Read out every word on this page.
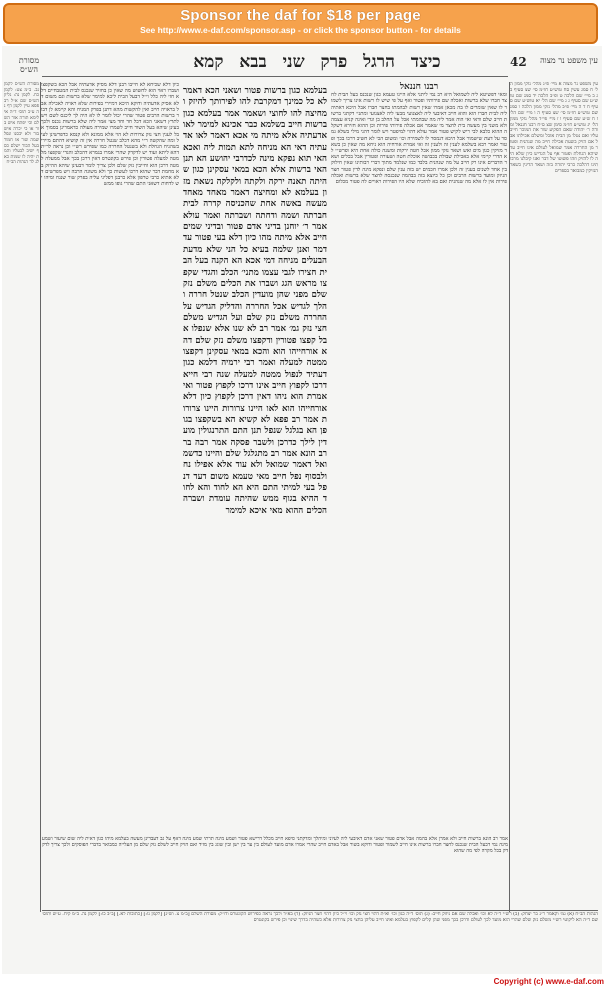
Sponsor the daf for $18 per page
See http://www.e-daf.com/sponsor.asp - or click the sponsor button - for details
מסורת הש״ס	כיצד הרגל פרק שני בבא קמא	42 עין משפט נר מצוה
עין משפט נר מצוה א מיי׳ פ״ג מהל׳ נזקי ממון הל׳ ח סמג עשין סח טוש״ע חו״מ סי׳ שצ סעיף ב ג ב מיי׳ שם הלכה ט ופ״ב הלכה יד סמג שם טוש״ע שם סעיף ג ג מיי׳ שם הל׳ יא טוש״ע שם סעיף ח ד ה מיי׳ פ״ב מהל׳ נזקי ממון הלכה ו סמג שם טוש״ע חו״מ סי׳ שצ סעיף ה ו מיי׳ שם הל׳ ז ח ש״ע שם סעיף ו ז מיי׳ פי״ד מהל׳ נזקי ממון הל׳ יג טוש״ע חו״מ סימן שצ ס״ח רבנו חננאל ומודה ר׳ יהודה שאם הפקיע שור את המוכר חייב עליו ואם נטלו מן הבית אוכל ומשלם אכילתו אבל אם הזיק בשעת אכילה חייב מה שנהנית ופטור מן החררה אמר שמואל לעולם אינו חייב עד שיהא הגחלת ופטור אף על הגדיש כיון שלא היה לו להזיק וזהו פשוטו של דבר ואנו קיבלנו מרבותינו דהלכה כרבי יהודה בזה ושאר הדינין כשאר הנזיקין כמבואר בספרים
רבנו חננאל
ומאי דפשיטא ליה לשמואל היא רב נמי ליתני אלא היינו טעמא כגון שנכנס בעל הבית לחצר חברו שלא ברשות ואכלה שם פירותיו ופטור ואף על פי שיש לו רשות אינו צריך לשמור לו שאין שומרים לו בה מכאן אמרו שאין רשות לבהמתו בחצר חברו אבל היכא דאתיה ליה לבית חברו הוא והוא חייב דאיבעי ליה לאצנועי מבעי ליה לאצנועי ומתני׳ דקתני ברשות חייב שלם ודאי ואי הוה אמר ליה מה שבהמתי אכל על החלב בן וגדי ואינה קניא עצמה ולא משני בין מעשה בית לחצר מי שאמר אם אכלה פירותי פירות וכן ההוא חזירא דשקלה ההוא כלבא לבי ריש לקיש פטור אמר עולא דהוי למיפטר ויש לומר דהני מילי בשלא נמסר על דעת שישמור אבל היכא דנמסר לו לשמירה וכו׳ ומשום הכי לא חשיב דרכו בכך ופטור ואמר רבא בשלמא לענין זה ולענין זה ואי אמרת אורחיה הוא ניחא מה שאין כן בשאר מזיקין כגון מים ואש ושאר נזקי ממון אכל חטה ירקות ומשנה כולה אחת היא ופרש״י לא הדרי קיימי אלא באכילת שבולת בכבושה אוכלת חטה ושעורה ופטורין אבל בכלים ושאר הדברים אינו רק חייב על מה שנהנית בלבד כמו שנלמד מתוך דברי רבותינו שאין חילוק בין אחד לשנים בענין זה ולכן אמרו חכמים יש בזה ענין שלם ונפקא מינה לדין פטור חצר הניזק ומועד ברשות הרבים וכן כל כיוצא בזה בבהמה שנכנסה לחצר שלא ברשות ואכלה פירות אין לו אלא מה שנהנית ואם בא להוכיח שלא היו הפירות ראויים לה פטור מכלום
בעלמא כגון ברשות פטור ושאני הכא דאמר לא כל כמינך דמקרבת להו לפירותך להיזק ומחיצה להו לחוצי ושאמר אמר בעלמא כגון ברשות חייב בשלמא כבר אכינא למימר לאו אדעתיה אלא מיתה מי אכא דאמר לאו אדעתיה דאי הא מניחה לתא תמות ליה ואכא האי תוא נפקא מינה לכדרבי יהושע הא תנן האי ברשות אלא הכא במאי עסקינן כגון שהיתה תאנה ירקה ולקתה ולקלקה נשאת מזון בעלמא לא ומחיצה דאמר מאחד מאחד מעשה באשה אחת שהכניסה קדרה לבית חברתה ושמה ודחתה ושברתה ואמר עולא אמר ר׳ יוחנן בדיני אדם פטור ובדיני שמים חייב אלא מיתה מהו כיון דלא בעי פטור עד דמר ואנן שלמה בעיא כל הני שלא מדעת הבעלים מניחה דמי אכא הא הקנה בעל הבית חצירו לגבי עצמו מתני׳ הכלב והגדי שקפצו מראש הגג ושברו את הכלים משלם נזק שלם מפני שהן מועדין הכלב שנטל חררה והלך לגדיש אכל החררה והדליק הגדיש על החררה משלם נזק שלם ועל הגדיש משלם חצי נזק גמ׳ אמר רב לא שנו אלא שנפלו אבל קפצו פטורין ודקפצו משלם נזק שלם דהא אורחייהו הוא והכא במאי עסקינן דקפצו ממטה למעלה ואמר רבי ירמיה דלמא כגון דעתיד לנפול ממטה למעלה שנה רבי חייא דרכו לקפוץ חייב אינו דרכו לקפוץ פטור ואי אמרת הוא ניהו דאין דרכן לקפוץ כיון דלא אורחייהו הוא לאו היינו צרורות היינו צרורות אמר רב פפא לא קשיא הא בשקפצו בגופן הא בגלגל שנפל תנן התם התרנגולין מועדין לילך כדרכן ולשבר פסקה אמר רבה בר רב הונא אמר רב מתגלגל שלם והיינו כדשמואל דאמר שמואל ולא עוד אלא אפילו נח ולבסוף נפל חייב מאי טעמא משום דעד דנפל בעי למיתי התם היא הא לחוד והא לחוד ההיא בגוף ממש שהיתה עומדת ושברה הכלים ההוא מאי איכא למימר
כיון דלא שכיחא לא חייבו רבנן דלא מסיק אדעתיה אבל הכא בשקפצו ושברו ראוי הוא לחשוש מה שאין כן בחזיר שנכנס לבית המטבחיים דלא חזי ליה כלל וי״ל דבעל הבית ליכא למימר שלא ברשות וגם משום דלא אסיק אדעתיה ודוקא היכא דמיירי בפירות שלא ראויה לאכילה אבל בראויה חייב ואין להקשות מהא דתנן בפרק המניח והא קיימא לן דבור ברשות הרבים פטור שהרי יכול לומר לו לא היה לך ליכנס לשם ויש לתרץ דשאני הכא דכל חד וחד מצי אמר ליה שלא ברשות נכנס ולכך בעינן שיהא בעל השור חייב לשמרו שמירה מעולה כדאמרינן בסמוך אבל לענין חצי נזק צרורות לא הוי אלא ממונא ולא קנסא כדפרשינן לעיל ומה שהקשה ר״י מהא דכלב שנטל חררה אין זה קושיא דהתם מיירי בשהניח הגחלת ולא בשנטל החררה כמו שפירש רש״י וכן נראה לר״ת דהא ליתא ועוד יש לדקדק שהרי אמרו בגמרא דהכלב והגדי שקפצו מלמטה למעלה פטורין וכן פירש בקונטרס דאין דרכן בכך אבל ממעלה למטה דרכן הוא וחייבין נזק שלם ולכן צריך לומר דבעינן שיהא ההיזק בא מחמת דבר שהוא דרכו לעשות כך ולא משונה הרבה ויש מפרשים דלא אתיא כרבי טרפון אלא כרבנן דפליגי עליה בפרק שור שנגח ומיהו יש לדחות דשאני התם שהרי גופו ממש
מסורת הש״ס לקמן נב. ב״מ צט: לקמן כח. לקמן נה: גליון הש״ס שם א״ל רב פפא עיין לקמן דף נה ע״ב תוס׳ ד״ה אילימא תורה אור השלם וכי יפתח איש בור או כי יכרה איש בור ולא יכסנו ונפל שמה שור או חמור בעל הבור ישלם כסף ישיב לבעליו והמת יהיה לו שמות כא לג לד הגהות הב״ח
אמר רב הונא ברשות חייב ולא אמרן אלא בהמה אבל אדם פטור שאני אדם דאיבעי ליה לעיוני ומיהלך ומדקתני סיפא חייב מכלל דרישא פטור ושמע מינה תרתי שמע מינה דאף על גב דעבדינן מעשה בעלמא מיהו כגון דאית ליה שום שיעור ושמע מינה נמי דבעל הבית שנכנס לחצר חברו ברשות אינו חייב לשמור ופטור ודוקא בשור אבל באדם חייב שהרי אמרו אדם מועד לעולם בין ער בין ישן ובין שוגג בין מזיד ואם הזיק חייב לשלם נזק שלם מן העלייה כמבואר בדברי הפוסקים ולכך צריך לדקדק בכל מקרה לפי מה שהוא
הגהות הב״ח (א) גמ׳ וקאמר ר״נ בר יצחק: (ב) רש״י ד״ה לא וכו׳ ואכלה שם אם ניזוק חייב: (ג) תוס׳ ד״ה כגון וכו׳ וא״ת דהוי חצי נזק וכו׳ וי״ל כיון דהוי חצר הניזק: (ד) בא״ד ולכך נראה כפירוש הקונטרס ודו״ק: מסורת השלם [ב״מ צ. וש״נ] [לקמן נו:] [כתובות לא.] [ב״ב כו:] לקמן נה. ב״מ קיח. ע״ש ותוס׳ שם ד״ה הא ליקוטי רש״י משלם נזק שלם שהרי הוא מועד לכך לעולם ודרכן בכך מפני שהן קלים לקפוץ בעלמא ואינו חייב עליהן בחצי נזק צרורות אלא כשהיה בדרך שינוי וכן פירש בקונטרס
Copyright (c) www.e-daf.com
